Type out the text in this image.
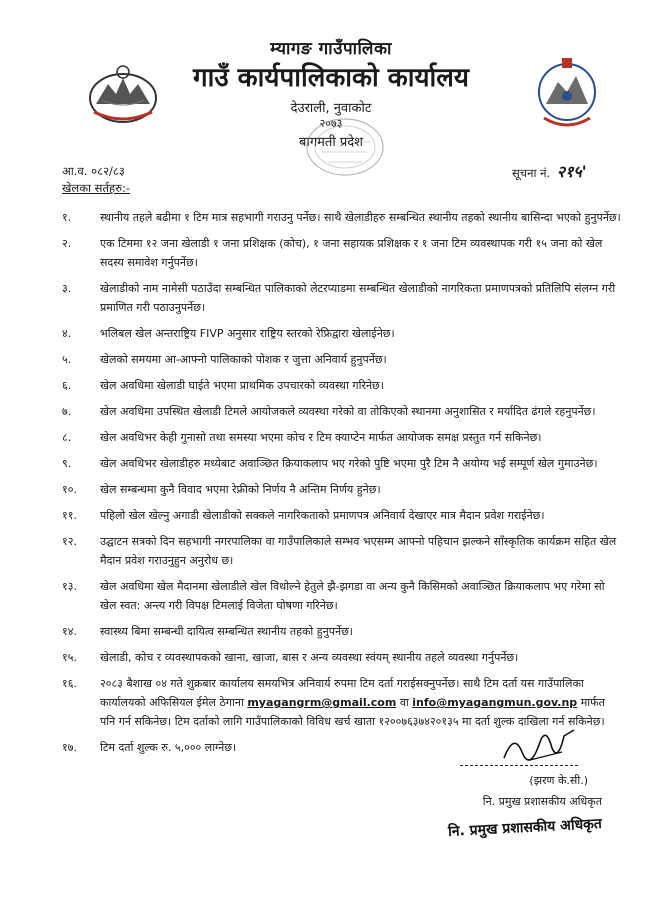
म्यागङ गाउँपालिका
गाउँ कार्यपालिकाको कार्यालय
देउराली, नुवाकोट
२०७३
बागमती प्रदेश
आ.व. ०८२/८३	सूचना नं. २१५'
खेलका सर्तहरु:-
१.	स्थानीय तहले बढीमा १ टिम मात्र सहभागी गराउनु पर्नेछ। साथै खेलाडीहरु सम्बन्धित स्थानीय तहको स्थानीय बासिन्दा भएको हुनुपर्नेछ।
२.	एक टिममा १२ जना खेलाडी १ जना प्रशिक्षक (कोच), १ जना सहायक प्रशिक्षक र १ जना टिम व्यवस्थापक गरी १५ जना को खेल सदस्य समावेश गर्नुपर्नेछ।
३.	खेलाडीको नाम नामेसी पठाउँदा सम्बन्धित पालिकाको लेटरप्याडमा सम्बन्धित खेलाडीको नागरिकता प्रमाणपत्रको प्रतिलिपि संलग्न गरी प्रमाणित गरी पठाउनुपर्नेछ।
४.	भलिबल खेल अन्तराष्ट्रिय FIVP अनुसार राष्ट्रिय स्तरको रेफ्रिद्वारा खेलाईनेछ।
५.	खेलको समयमा आ-आफ्नो पालिकाको पोशक र जुत्ता अनिवार्य हुनुपर्नेछ।
६.	खेल अवधिमा खेलाडी घाईते भएमा प्राथमिक उपचारको व्यवस्था गरिनेछ।
७.	खेल अवधिमा उपस्थित खेलाडी टिमले आयोजकले व्यवस्था गरेको वा तोकिएको स्थानमा अनुशासित र मर्यादित ढंगले रहनुपर्नेछ।
८.	खेल अवधिभर केही गुनासो तथा समस्या भएमा कोच र टिम क्याप्टेन मार्फत आयोजक समक्ष प्रस्तुत गर्न सकिनेछ।
९.	खेल अवधिभर खेलाडीहरु मध्येबाट अवाञ्छित क्रियाकलाप भए गरेको पुष्टि भएमा पुरै टिम नै अयोग्य भई सम्पूर्ण खेल गुमाउनेछ।
१०.	खेल सम्बन्धमा कुनै विवाद भएमा रेफ्रीको निर्णय नै अन्तिम निर्णय हुनेछ।
११.	पहिलो खेल खेल्नु अगाडी खेलाडीको सक्कले नागरिकताको प्रमाणपत्र अनिवार्य देखाएर मात्र मैदान प्रवेश गराईनेछ।
१२.	उद्घाटन सत्रको दिन सहभागी नगरपालिका वा गाउँपालिकाले सम्भव भएसम्म आफ्नो पहिचान झल्कने साँस्कृतिक कार्यक्रम सहित खेल मैदान प्रवेश गराउनुहुन अनुरोध छ।
१३.	खेल अवधिमा खेल मैदानमा खेलाडीले खेल विथोल्ने हेतुले झै-झगडा वा अन्य कुनै किसिमको अवाञ्छित क्रियाकलाप भए गरेमा सो खेल स्वत: अन्त्य गरी विपक्ष टिमलाई विजेता घोषणा गरिनेछ।
१४.	स्वास्थ्य बिमा सम्बन्धी दायित्व सम्बन्धित स्थानीय तहको हुनुपर्नेछ।
१५.	खेलाडी, कोच र व्यवस्थापकको खाना, खाजा, बास र अन्य व्यवस्था स्वंयम् स्थानीय तहले व्यवस्था गर्नुपर्नेछ।
१६.	२०८३ बैशाख ०४ गते शुक्रबार कार्यालय समयभित्र अनिवार्य रुपमा टिम दर्ता गराईसक्नुपर्नेछ। साथै टिम दर्ता यस गाउँपालिका कार्यालयको अफिसियल ईमेल ठेगाना myagangrm@gmail.com वा info@myagangmun.gov.np मार्फत पनि गर्न सकिनेछ। टिम दर्ताको लागि गाउँपालिकाको विविध खर्च खाता १२००७६३७४२०१३५ मा दर्ता शुल्क दाखिला गर्न सकिनेछ।
१७.	टिम दर्ता शुल्क रु. ५,००० लाग्नेछ।
(झरण के.सी.)
नि. प्रमुख प्रशासकीय अधिकृत
नि. प्रमुख प्रशासकीय अधिकृत
